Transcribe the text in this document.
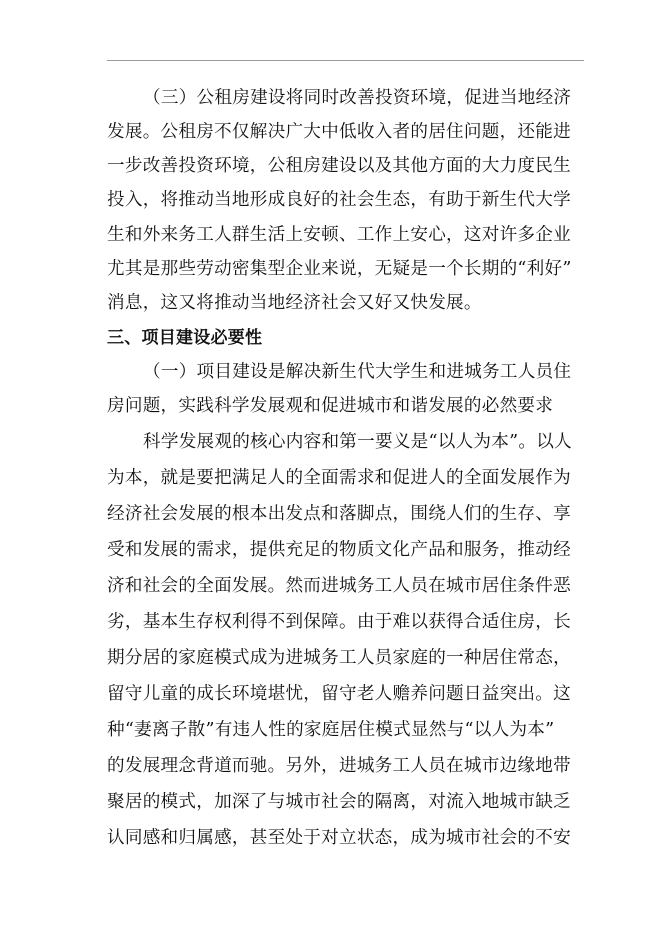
（三）公租房建设将同时改善投资环境，促进当地经济
发展。公租房不仅解决广大中低收入者的居住问题，还能进
一步改善投资环境，公租房建设以及其他方面的大力度民生
投入，将推动当地形成良好的社会生态，有助于新生代大学
生和外来务工人群生活上安顿、工作上安心，这对许多企业
尤其是那些劳动密集型企业来说，无疑是一个长期的“利好”
消息，这又将推动当地经济社会又好又快发展。
三、项目建设必要性
（一）项目建设是解决新生代大学生和进城务工人员住
房问题，实践科学发展观和促进城市和谐发展的必然要求
科学发展观的核心内容和第一要义是“以人为本”。以人
为本，就是要把满足人的全面需求和促进人的全面发展作为
经济社会发展的根本出发点和落脚点，围绕人们的生存、享
受和发展的需求，提供充足的物质文化产品和服务，推动经
济和社会的全面发展。然而进城务工人员在城市居住条件恶
劣，基本生存权利得不到保障。由于难以获得合适住房，长
期分居的家庭模式成为进城务工人员家庭的一种居住常态，
留守儿童的成长环境堪忧，留守老人赡养问题日益突出。这
种“妻离子散”有违人性的家庭居住模式显然与“以人为本”
的发展理念背道而驰。另外，进城务工人员在城市边缘地带
聚居的模式，加深了与城市社会的隔离，对流入地城市缺乏
认同感和归属感，甚至处于对立状态，成为城市社会的不安
